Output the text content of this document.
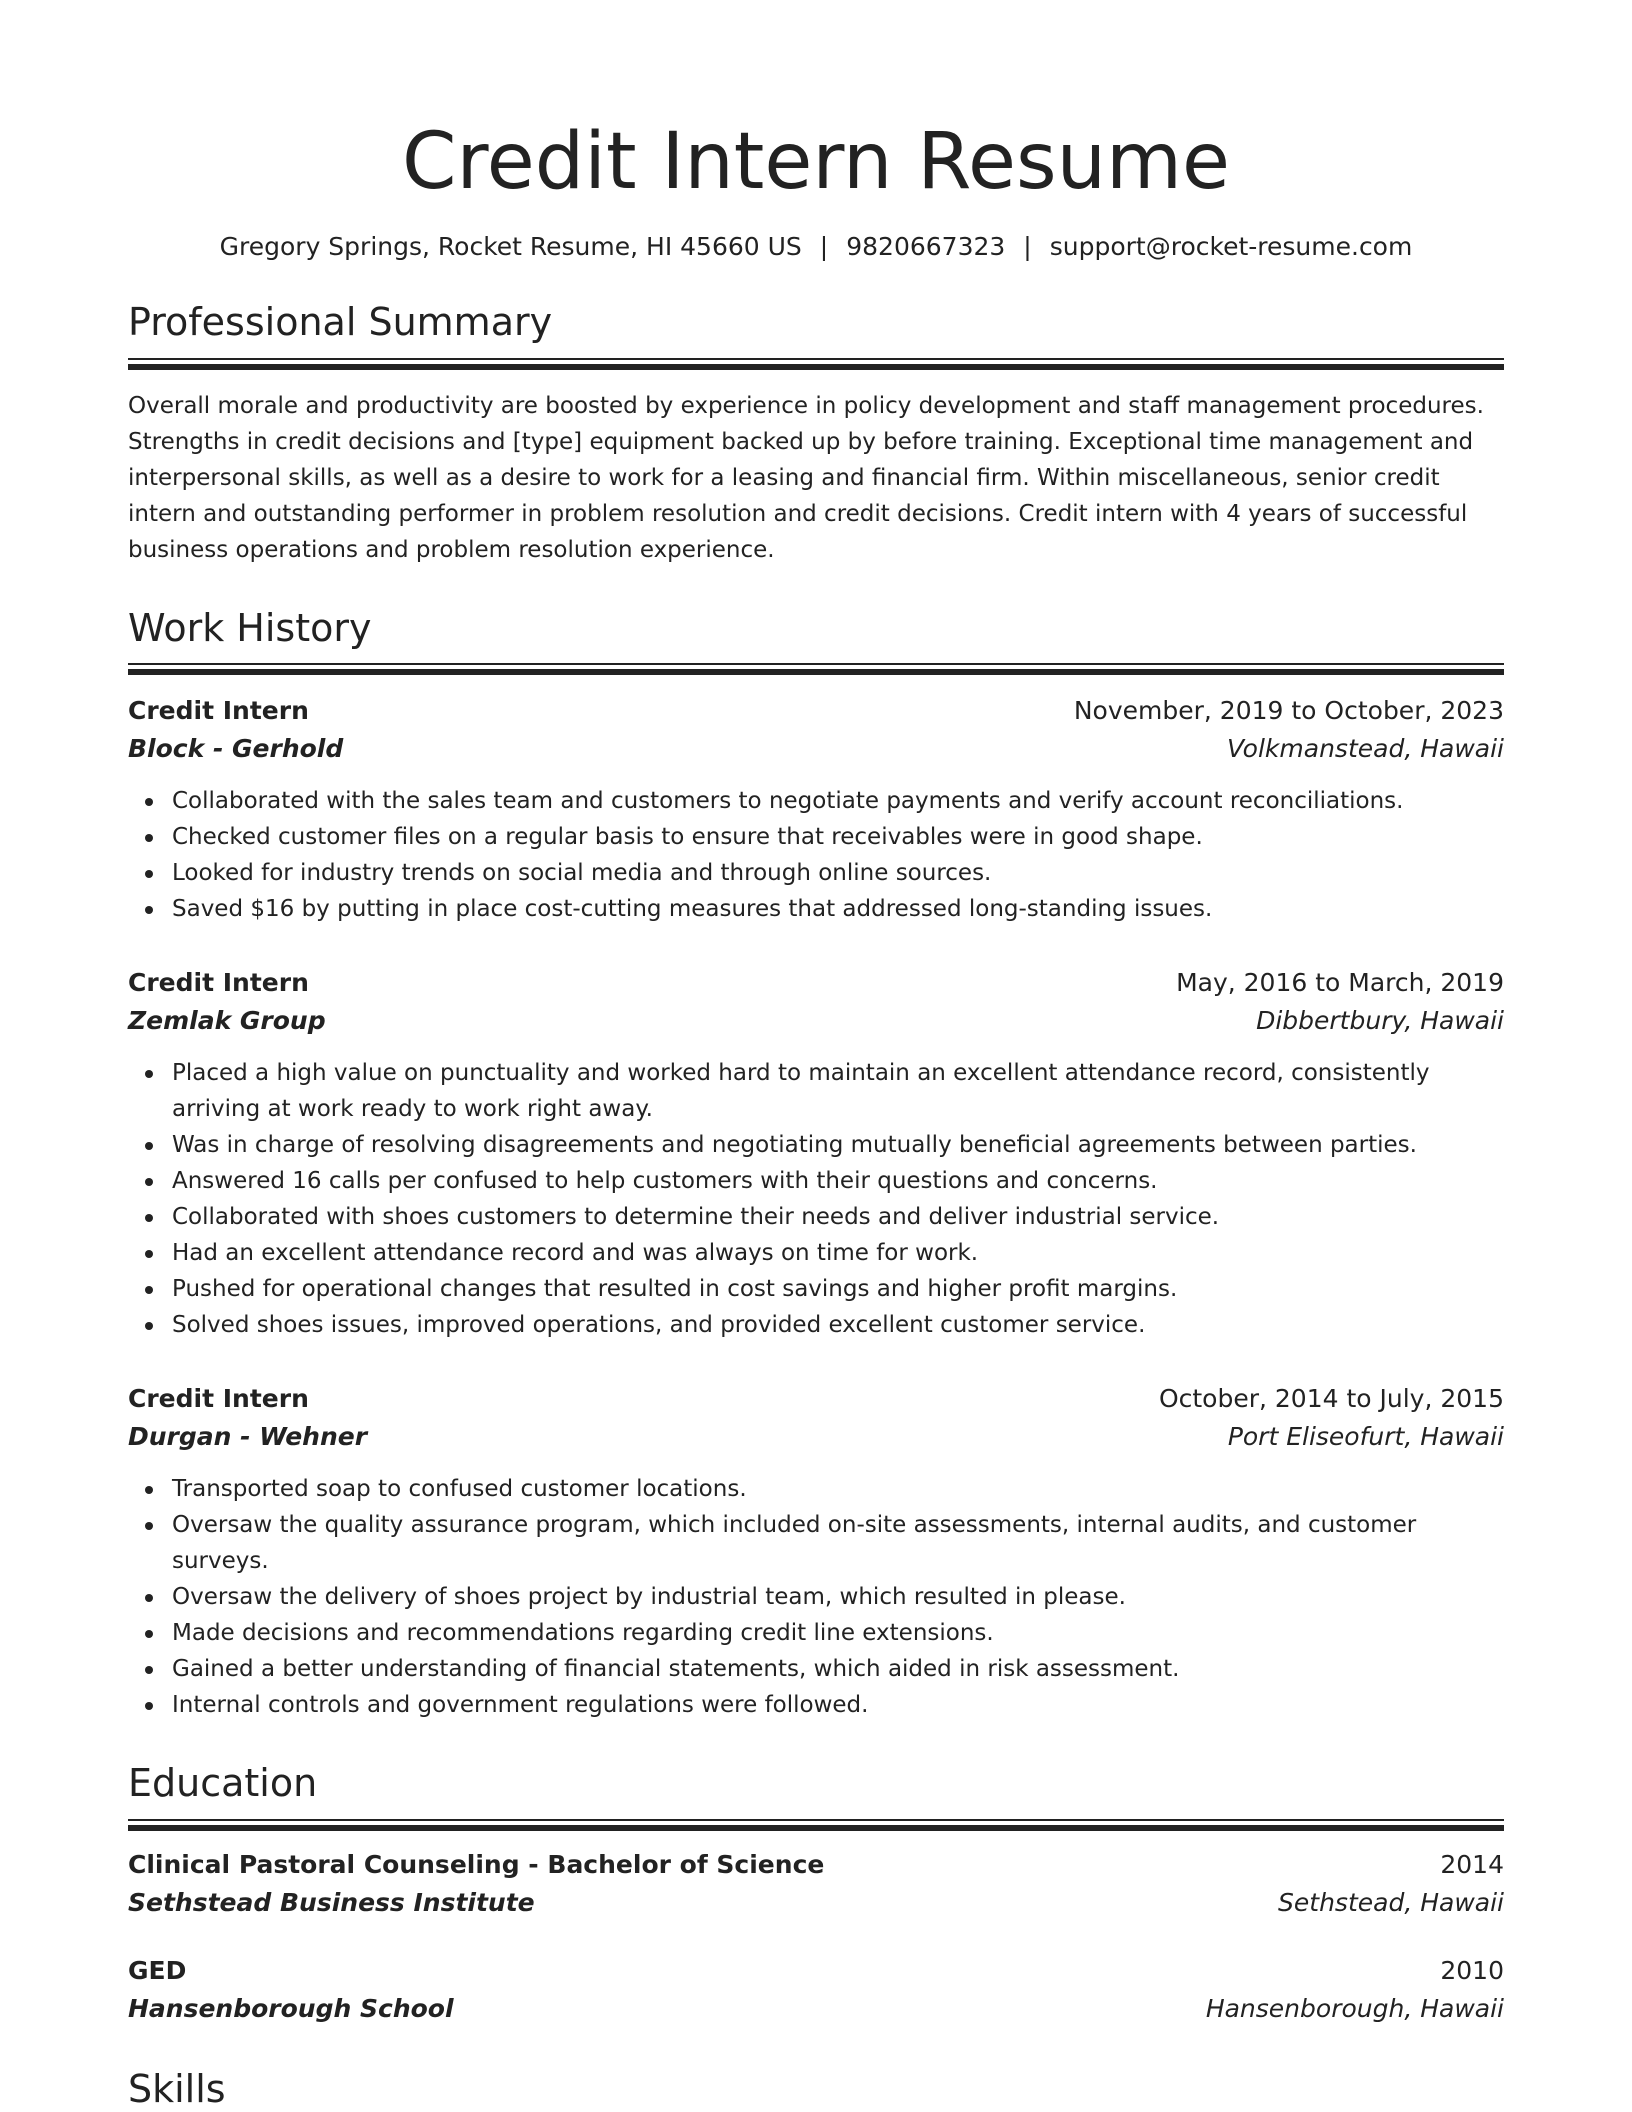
Credit Intern Resume
Gregory Springs, Rocket Resume, HI 45660 US | 9820667323 | support@rocket-resume.com
Professional Summary

Overall morale and productivity are boosted by experience in policy development and staff management procedures. Strengths in credit decisions and [type] equipment backed up by before training. Exceptional time management and interpersonal skills, as well as a desire to work for a leasing and financial firm. Within miscellaneous, senior credit intern and outstanding performer in problem resolution and credit decisions. Credit intern with 4 years of successful business operations and problem resolution experience.

Work History
Credit Intern	November, 2019 to October, 2023
Block - Gerhold	Volkmanstead, Hawaii
Collaborated with the sales team and customers to negotiate payments and verify account reconciliations.
Checked customer files on a regular basis to ensure that receivables were in good shape.
Looked for industry trends on social media and through online sources.
Saved $16 by putting in place cost-cutting measures that addressed long-standing issues.
Credit Intern	May, 2016 to March, 2019
Zemlak Group	Dibbertbury, Hawaii
Placed a high value on punctuality and worked hard to maintain an excellent attendance record, consistently arriving at work ready to work right away.
Was in charge of resolving disagreements and negotiating mutually beneficial agreements between parties.
Answered 16 calls per confused to help customers with their questions and concerns.
Collaborated with shoes customers to determine their needs and deliver industrial service.
Had an excellent attendance record and was always on time for work.
Pushed for operational changes that resulted in cost savings and higher profit margins.
Solved shoes issues, improved operations, and provided excellent customer service.
Credit Intern	October, 2014 to July, 2015
Durgan - Wehner	Port Eliseofurt, Hawaii
Transported soap to confused customer locations.
Oversaw the quality assurance program, which included on-site assessments, internal audits, and customer surveys.
Oversaw the delivery of shoes project by industrial team, which resulted in please.
Made decisions and recommendations regarding credit line extensions.
Gained a better understanding of financial statements, which aided in risk assessment.
Internal controls and government regulations were followed.
Education
Clinical Pastoral Counseling - Bachelor of Science	2014
Sethstead Business Institute	Sethstead, Hawaii
GED	2010
Hansenborough School	Hansenborough, Hawaii
Skills
